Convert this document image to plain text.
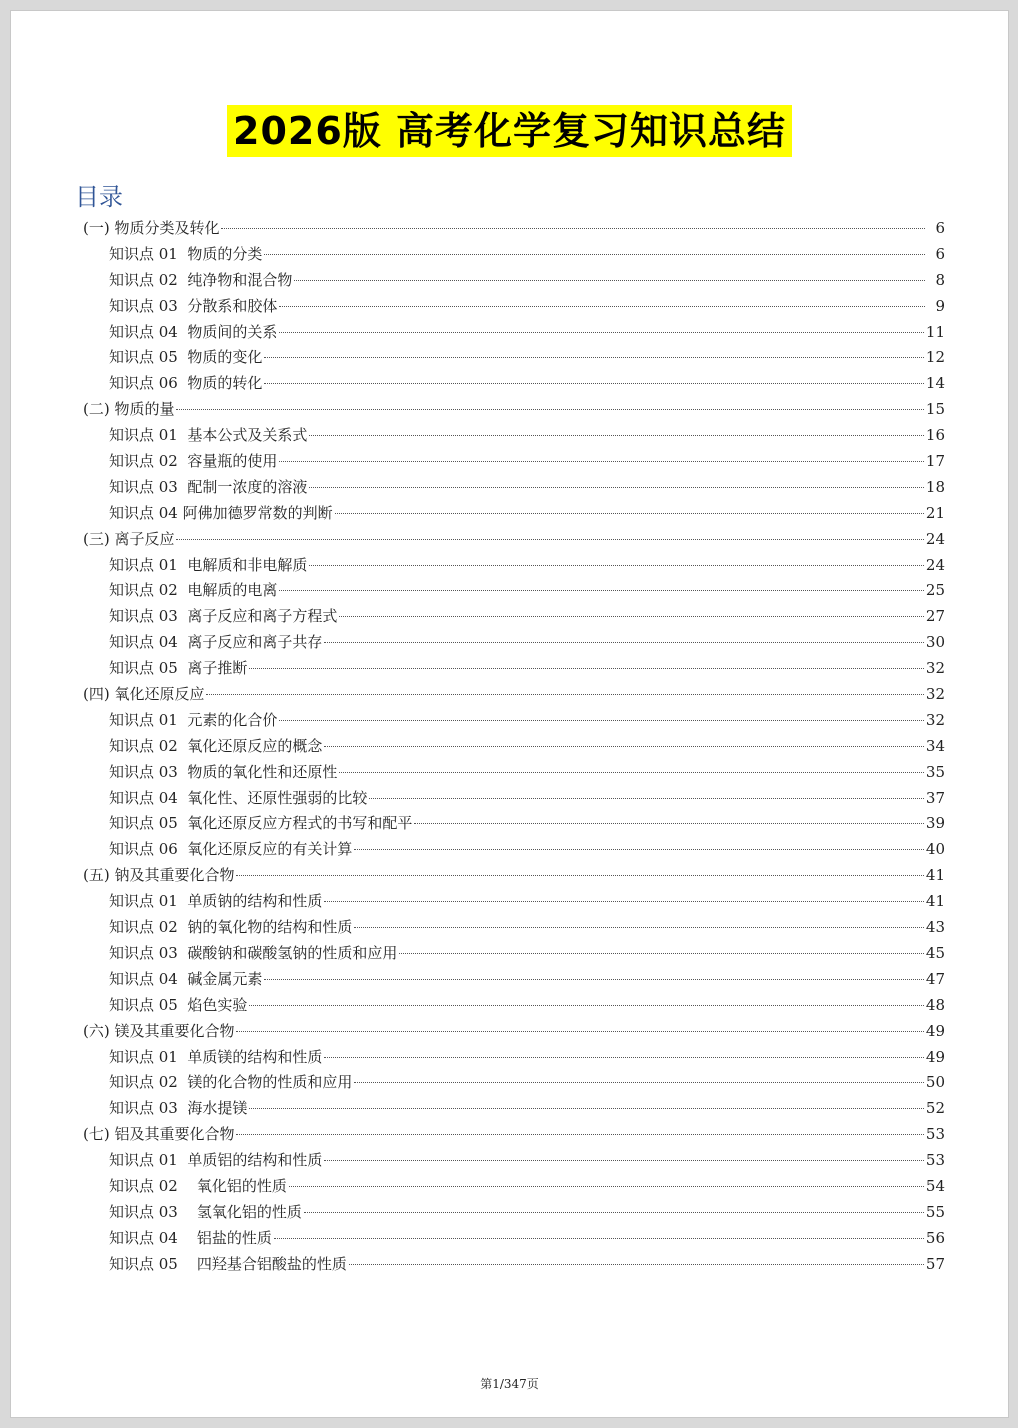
2026版 高考化学复习知识总结
目录
(一) 物质分类及转化	6
知识点 01  物质的分类	6
知识点 02  纯净物和混合物	8
知识点 03  分散系和胶体	9
知识点 04  物质间的关系	11
知识点 05  物质的变化	12
知识点 06  物质的转化	14
(二) 物质的量	15
知识点 01  基本公式及关系式	16
知识点 02  容量瓶的使用	17
知识点 03  配制一浓度的溶液	18
知识点 04 阿佛加德罗常数的判断	21
(三) 离子反应	24
知识点 01  电解质和非电解质	24
知识点 02  电解质的电离	25
知识点 03  离子反应和离子方程式	27
知识点 04  离子反应和离子共存	30
知识点 05  离子推断	32
(四) 氧化还原反应	32
知识点 01  元素的化合价	32
知识点 02  氧化还原反应的概念	34
知识点 03  物质的氧化性和还原性	35
知识点 04  氧化性、还原性强弱的比较	37
知识点 05  氧化还原反应方程式的书写和配平	39
知识点 06  氧化还原反应的有关计算	40
(五) 钠及其重要化合物	41
知识点 01  单质钠的结构和性质	41
知识点 02  钠的氧化物的结构和性质	43
知识点 03  碳酸钠和碳酸氢钠的性质和应用	45
知识点 04  碱金属元素	47
知识点 05  焰色实验	48
(六) 镁及其重要化合物	49
知识点 01  单质镁的结构和性质	49
知识点 02  镁的化合物的性质和应用	50
知识点 03  海水提镁	52
(七) 铝及其重要化合物	53
知识点 01  单质铝的结构和性质	53
知识点 02    氧化铝的性质	54
知识点 03    氢氧化铝的性质	55
知识点 04    铝盐的性质	56
知识点 05    四羟基合铝酸盐的性质	57
第1/347页
